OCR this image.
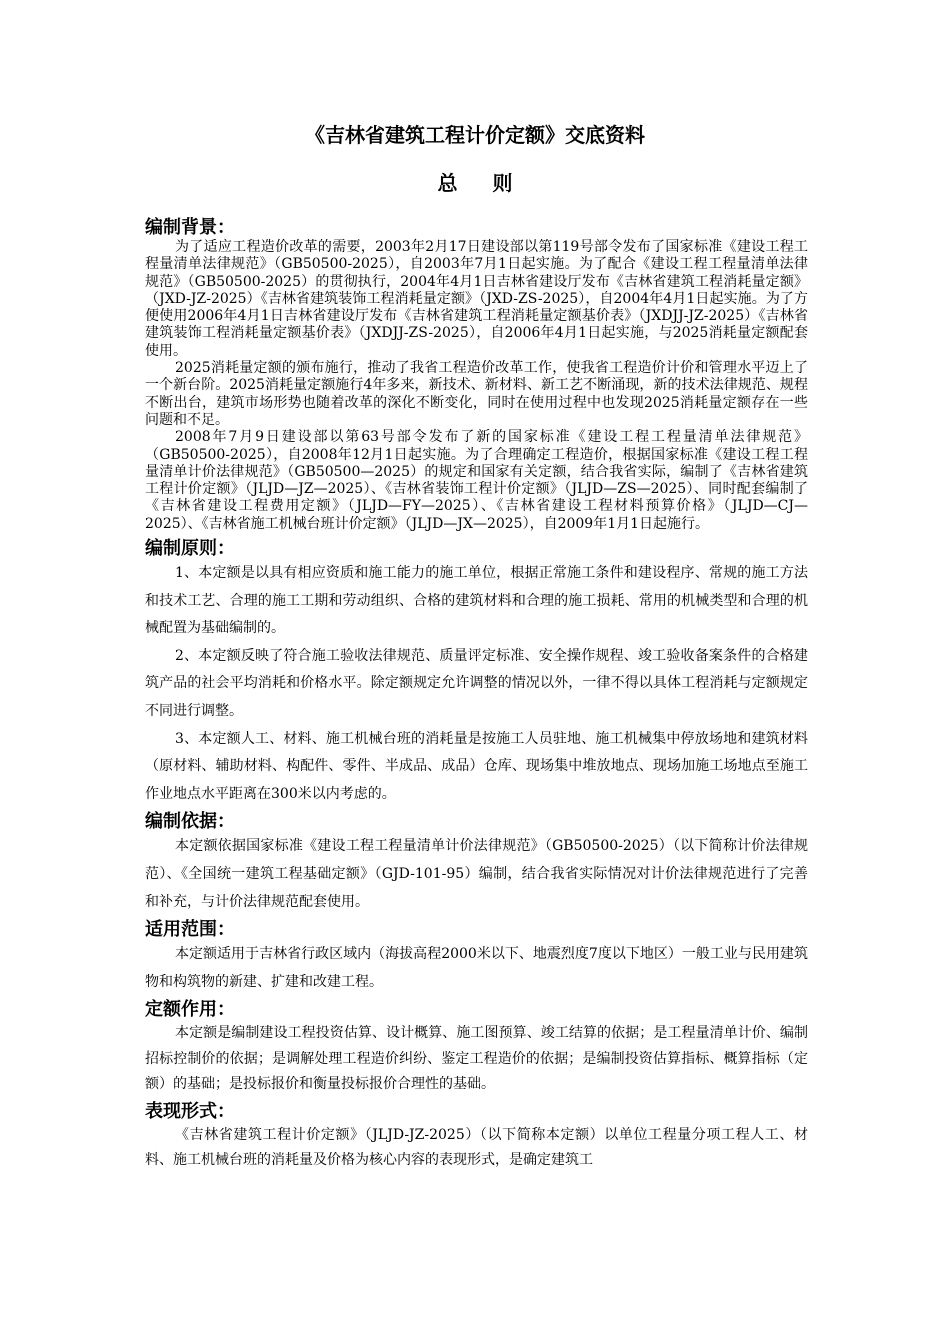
《吉林省建筑工程计价定额》交底资料
总 则
编制背景：

为了适应工程造价改革的需要，2003年2月17日建设部以第119号部令发布了国家标准《建设工程工程量清单法律规范》（GB50500-2025），自2003年7月1日起实施。为了配合《建设工程工程量清单法律规范》（GB50500-2025）的贯彻执行，2004年4月1日吉林省建设厅发布《吉林省建筑工程消耗量定额》（JXD-JZ-2025）《吉林省建筑装饰工程消耗量定额》（JXD-ZS-2025），自2004年4月1日起实施。为了方便使用2006年4月1日吉林省建设厅发布《吉林省建筑工程消耗量定额基价表》（JXDJJ-JZ-2025）《吉林省建筑装饰工程消耗量定额基价表》（JXDJJ-ZS-2025），自2006年4月1日起实施，与2025消耗量定额配套使用。

2025消耗量定额的颁布施行，推动了我省工程造价改革工作，使我省工程造价计价和管理水平迈上了一个新台阶。2025消耗量定额施行4年多来，新技术、新材料、新工艺不断涌现，新的技术法律规范、规程不断出台，建筑市场形势也随着改革的深化不断变化，同时在使用过程中也发现2025消耗量定额存在一些问题和不足。

2008年7月9日建设部以第63号部令发布了新的国家标准《建设工程工程量清单法律规范》（GB50500-2025），自2008年12月1日起实施。为了合理确定工程造价，根据国家标准《建设工程工程量清单计价法律规范》（GB50500—2025）的规定和国家有关定额，结合我省实际，编制了《吉林省建筑工程计价定额》（JLJD—JZ—2025）、《吉林省装饰工程计价定额》（JLJD—ZS—2025）、同时配套编制了《吉林省建设工程费用定额》（JLJD—FY—2025）、《吉林省建设工程材料预算价格》（JLJD—CJ—2025）、《吉林省施工机械台班计价定额》（JLJD—JX—2025），自2009年1月1日起施行。

编制原则：

1、本定额是以具有相应资质和施工能力的施工单位，根据正常施工条件和建设程序、常规的施工方法和技术工艺、合理的施工工期和劳动组织、合格的建筑材料和合理的施工损耗、常用的机械类型和合理的机械配置为基础编制的。

2、本定额反映了符合施工验收法律规范、质量评定标准、安全操作规程、竣工验收备案条件的合格建筑产品的社会平均消耗和价格水平。除定额规定允许调整的情况以外，一律不得以具体工程消耗与定额规定不同进行调整。

3、本定额人工、材料、施工机械台班的消耗量是按施工人员驻地、施工机械集中停放场地和建筑材料（原材料、辅助材料、构配件、零件、半成品、成品）仓库、现场集中堆放地点、现场加施工场地点至施工作业地点水平距离在300米以内考虑的。

编制依据：

本定额依据国家标准《建设工程工程量清单计价法律规范》（GB50500-2025）（以下简称计价法律规范）、《全国统一建筑工程基础定额》（GJD-101-95）编制，结合我省实际情况对计价法律规范进行了完善和补充，与计价法律规范配套使用。

适用范围：

本定额适用于吉林省行政区域内（海拔高程2000米以下、地震烈度7度以下地区）一般工业与民用建筑物和构筑物的新建、扩建和改建工程。

定额作用：

本定额是编制建设工程投资估算、设计概算、施工图预算、竣工结算的依据；是工程量清单计价、编制招标控制价的依据；是调解处理工程造价纠纷、鉴定工程造价的依据；是编制投资估算指标、概算指标（定额）的基础；是投标报价和衡量投标报价合理性的基础。

表现形式：

《吉林省建筑工程计价定额》（JLJD-JZ-2025）（以下简称本定额）以单位工程量分项工程人工、材料、施工机械台班的消耗量及价格为核心内容的表现形式，是确定建筑工
